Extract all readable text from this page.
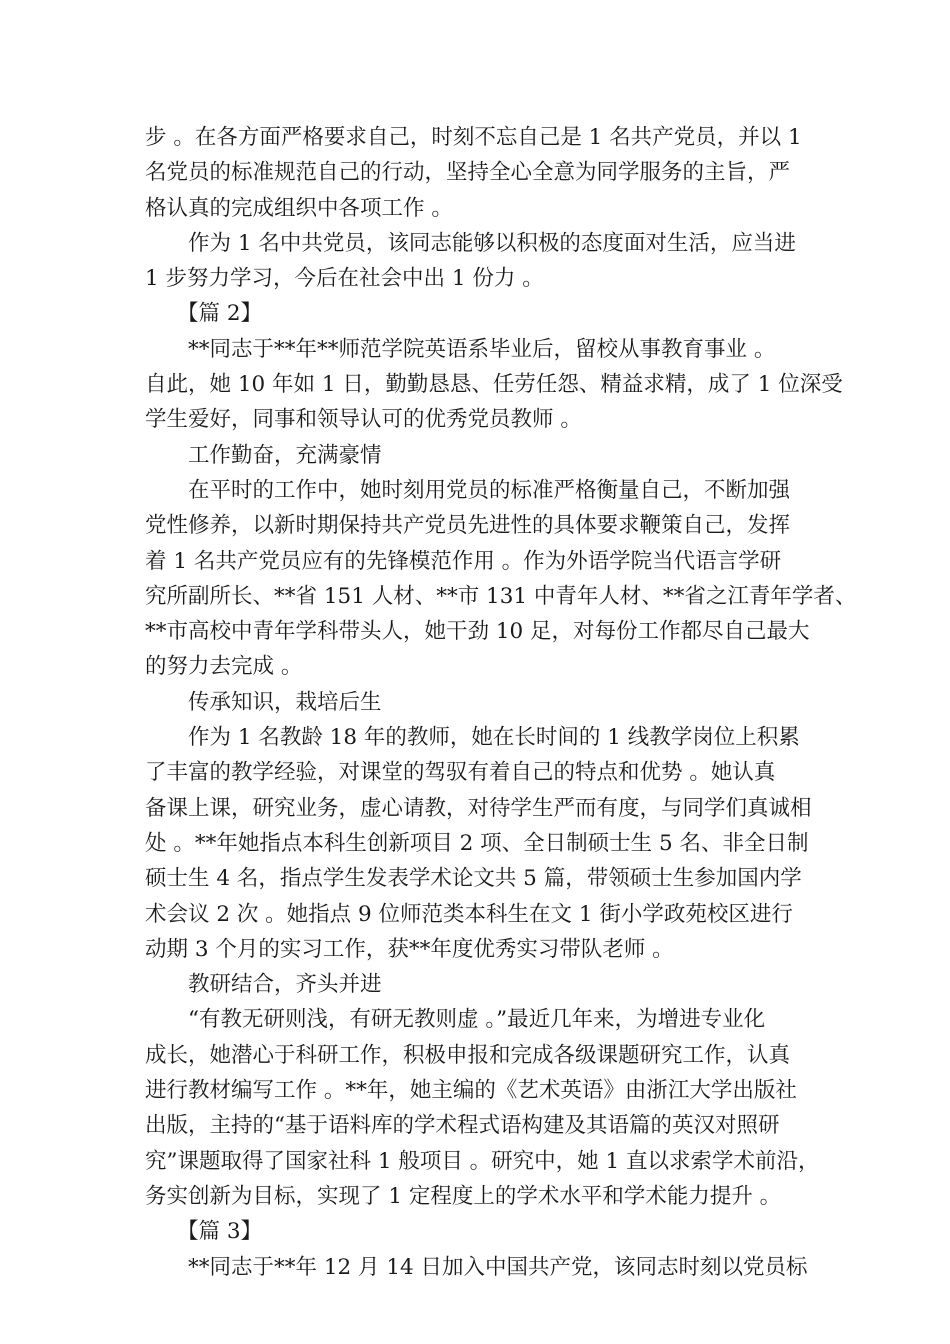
步 。在各方面严格要求自己，时刻不忘自己是 1 名共产党员，并以 1
名党员的标准规范自己的行动，坚持全心全意为同学服务的主旨，严
格认真的完成组织中各项工作 。
作为 1 名中共党员，该同志能够以积极的态度面对生活，应当进
1 步努力学习，今后在社会中出 1 份力 。
【篇 2】
**同志于**年**师范学院英语系毕业后，留校从事教育事业 。
自此，她 10 年如 1 日，勤勤恳恳、任劳任怨、精益求精，成了 1 位深受
学生爱好，同事和领导认可的优秀党员教师 。
工作勤奋，充满豪情
在平时的工作中，她时刻用党员的标准严格衡量自己，不断加强
党性修养，以新时期保持共产党员先进性的具体要求鞭策自己，发挥
着 1 名共产党员应有的先锋模范作用 。作为外语学院当代语言学研
究所副所长、**省 151 人材、**市 131 中青年人材、**省之江青年学者、
**市高校中青年学科带头人，她干劲 10 足，对每份工作都尽自己最大
的努力去完成 。
传承知识，栽培后生
作为 1 名教龄 18 年的教师，她在长时间的 1 线教学岗位上积累
了丰富的教学经验，对课堂的驾驭有着自己的特点和优势 。她认真
备课上课，研究业务，虚心请教，对待学生严而有度，与同学们真诚相
处 。**年她指点本科生创新项目 2 项、全日制硕士生 5 名、非全日制
硕士生 4 名，指点学生发表学术论文共 5 篇，带领硕士生参加国内学
术会议 2 次 。她指点 9 位师范类本科生在文 1 街小学政苑校区进行
动期 3 个月的实习工作，获**年度优秀实习带队老师 。
教研结合，齐头并进
“有教无研则浅，有研无教则虚 。”最近几年来，为增进专业化
成长，她潜心于科研工作，积极申报和完成各级课题研究工作，认真
进行教材编写工作 。**年，她主编的《艺术英语》由浙江大学出版社
出版，主持的“基于语料库的学术程式语构建及其语篇的英汉对照研
究”课题取得了国家社科 1 般项目 。研究中，她 1 直以求索学术前沿，
务实创新为目标，实现了 1 定程度上的学术水平和学术能力提升 。
【篇 3】
**同志于**年 12 月 14 日加入中国共产党，该同志时刻以党员标
